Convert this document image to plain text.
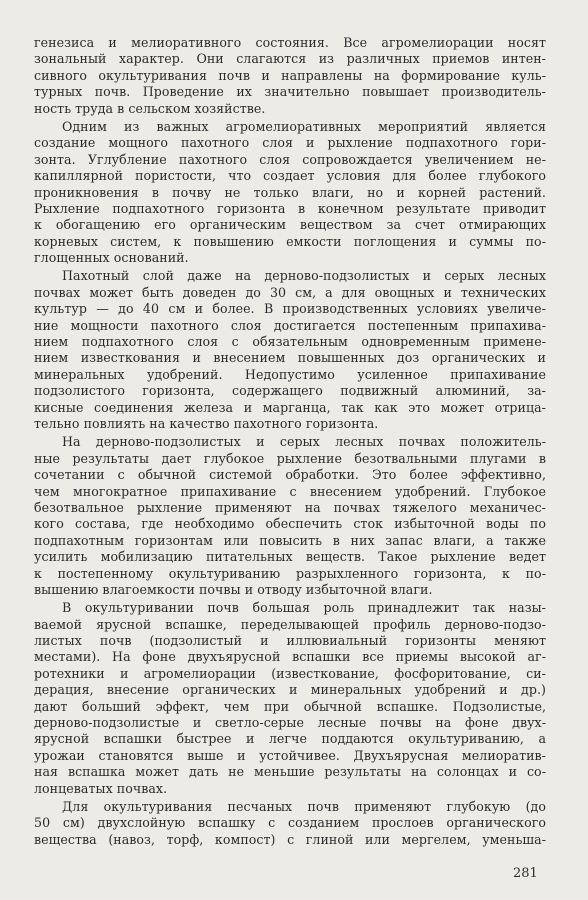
генезиса и мелиоративного состояния. Все агромелиорации носят
зональный характер. Они слагаются из различных приемов интен-
сивного окультуривания почв и направлены на формирование куль-
турных почв. Проведение их значительно повышает производитель-
ность труда в сельском хозяйстве.
Одним из важных агромелиоративных мероприятий является
создание мощного пахотного слоя и рыхление подпахотного гори-
зонта. Углубление пахотного слоя сопровождается увеличением не-
капиллярной пористости, что создает условия для более глубокого
проникновения в почву не только влаги, но и корней растений.
Рыхление подпахотного горизонта в конечном результате приводит
к обогащению его органическим веществом за счет отмирающих
корневых систем, к повышению емкости поглощения и суммы по-
глощенных оснований.
Пахотный слой даже на дерново-подзолистых и серых лесных
почвах может быть доведен до 30 см, а для овощных и технических
культур — до 40 см и более. В производственных условиях увеличе-
ние мощности пахотного слоя достигается постепенным припахива-
нием подпахотного слоя с обязательным одновременным примене-
нием известкования и внесением повышенных доз органических и
минеральных удобрений. Недопустимо усиленное припахивание
подзолистого горизонта, содержащего подвижный алюминий, за-
кисные соединения железа и марганца, так как это может отрица-
тельно повлиять на качество пахотного горизонта.
На дерново-подзолистых и серых лесных почвах положитель-
ные результаты дает глубокое рыхление безотвальными плугами в
сочетании с обычной системой обработки. Это более эффективно,
чем многократное припахивание с внесением удобрений. Глубокое
безотвальное рыхление применяют на почвах тяжелого механичес-
кого состава, где необходимо обеспечить сток избыточной воды по
подпахотным горизонтам или повысить в них запас влаги, а также
усилить мобилизацию питательных веществ. Такое рыхление ведет
к постепенному окультуриванию разрыхленного горизонта, к по-
вышению влагоемкости почвы и отводу избыточной влаги.
В окультуривании почв большая роль принадлежит так назы-
ваемой ярусной вспашке, переделывающей профиль дерново-подзо-
листых почв (подзолистый и иллювиальный горизонты меняют
местами). На фоне двухъярусной вспашки все приемы высокой аг-
ротехники и агромелиорации (известкование, фосфоритование, си-
дерация, внесение органических и минеральных удобрений и др.)
дают больший эффект, чем при обычной вспашке. Подзолистые,
дерново-подзолистые и светло-серые лесные почвы на фоне двух-
ярусной вспашки быстрее и легче поддаются окультуриванию, а
урожаи становятся выше и устойчивее. Двухъярусная мелиоратив-
ная вспашка может дать не меньшие результаты на солонцах и со-
лонцеватых почвах.
Для окультуривания песчаных почв применяют глубокую (до
50 см) двухслойную вспашку с созданием прослоев органического
вещества (навоз, торф, компост) с глиной или мергелем, уменьша-
281
